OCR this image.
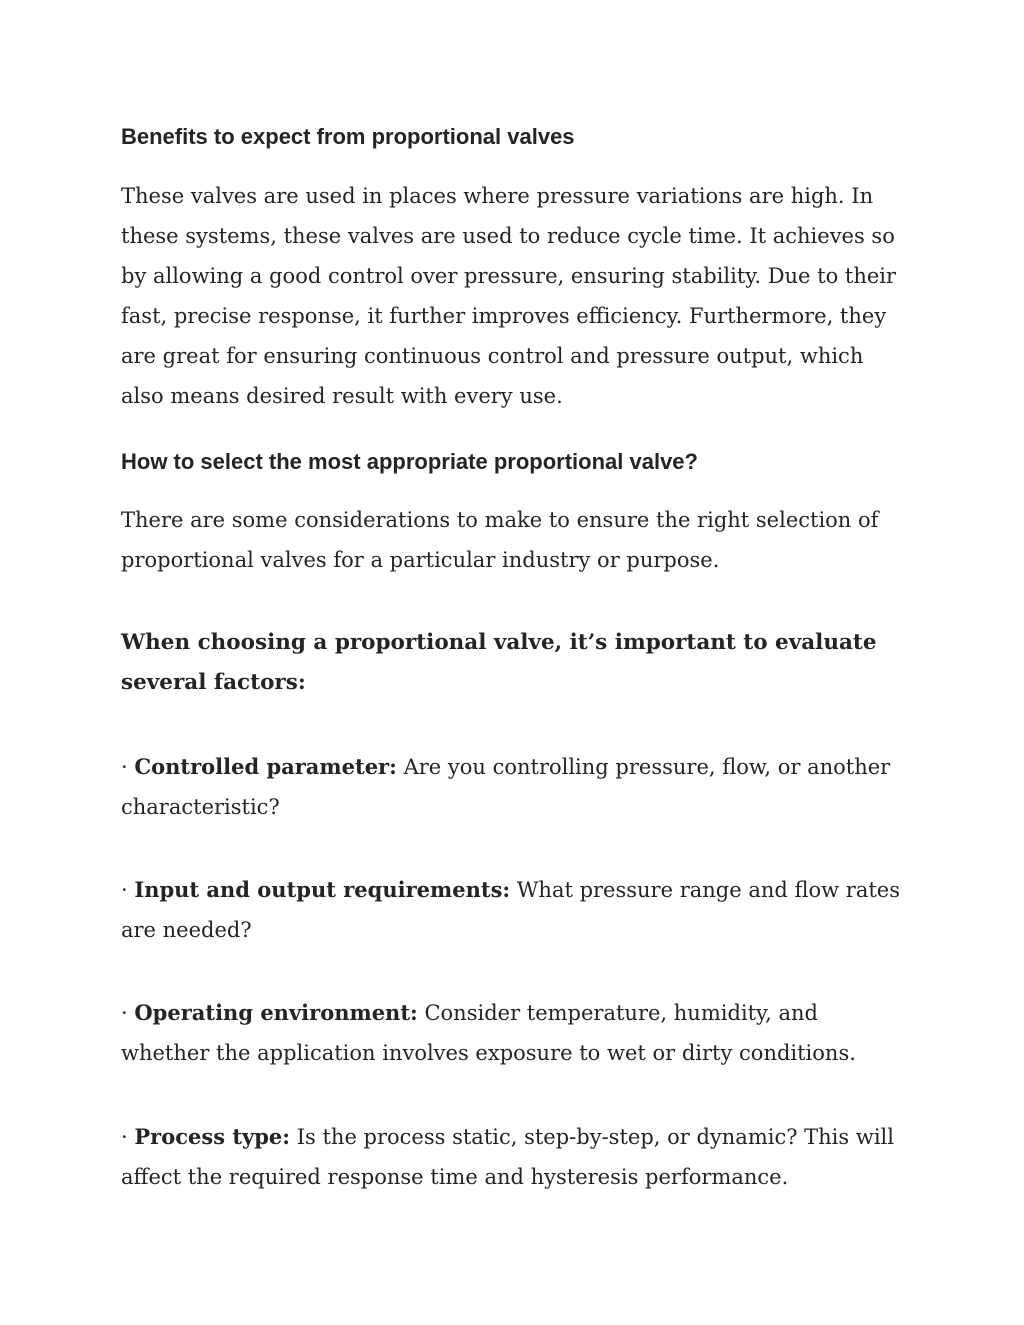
Benefits to expect from proportional valves

These valves are used in places where pressure variations are high. In these systems, these valves are used to reduce cycle time. It achieves so by allowing a good control over pressure, ensuring stability. Due to their fast, precise response, it further improves efficiency. Furthermore, they are great for ensuring continuous control and pressure output, which also means desired result with every use.

How to select the most appropriate proportional valve?

There are some considerations to make to ensure the right selection of proportional valves for a particular industry or purpose.

When choosing a proportional valve, it’s important to evaluate several factors:

· Controlled parameter: Are you controlling pressure, flow, or another characteristic?

· Input and output requirements: What pressure range and flow rates are needed?

· Operating environment: Consider temperature, humidity, and whether the application involves exposure to wet or dirty conditions.

· Process type: Is the process static, step-by-step, or dynamic? This will affect the required response time and hysteresis performance.
